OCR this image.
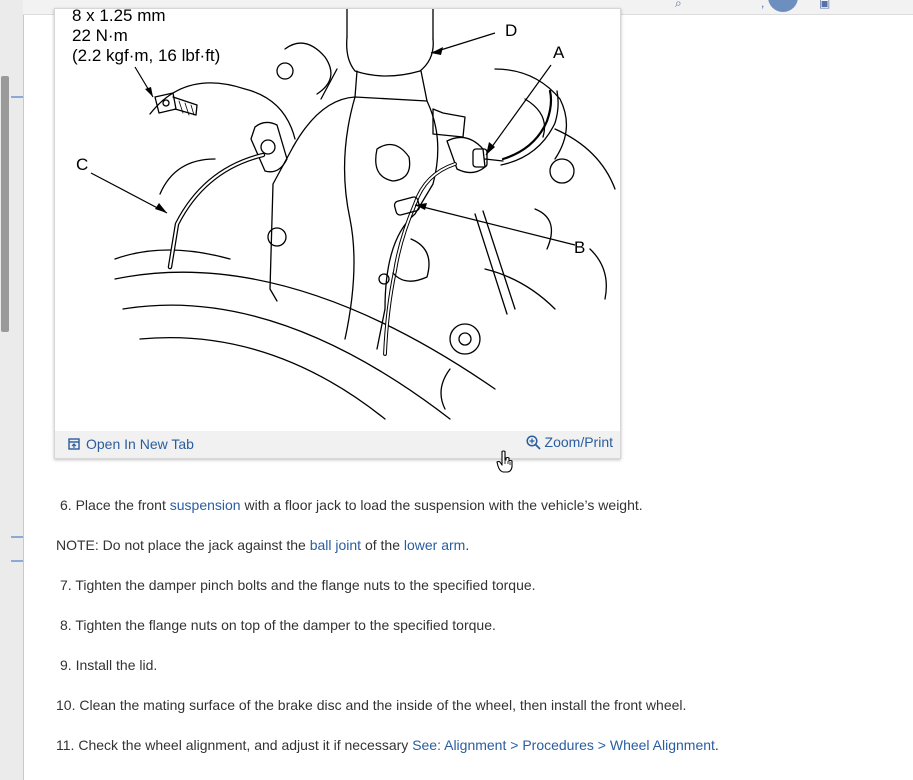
⌕	,	▣
8 x 1.25 mm
22 N·m
(2.2 kgf·m, 16 lbf·ft)	A
B
C
D
Open In New Tab	Zoom/Print
6. Place the front suspension with a floor jack to load the suspension with the vehicle’s weight.
NOTE: Do not place the jack against the ball joint of the lower arm.
7. Tighten the damper pinch bolts and the flange nuts to the specified torque.
8. Tighten the flange nuts on top of the damper to the specified torque.
9. Install the lid.
10. Clean the mating surface of the brake disc and the inside of the wheel, then install the front wheel.
11. Check the wheel alignment, and adjust it if necessary See: Alignment > Procedures > Wheel Alignment.
